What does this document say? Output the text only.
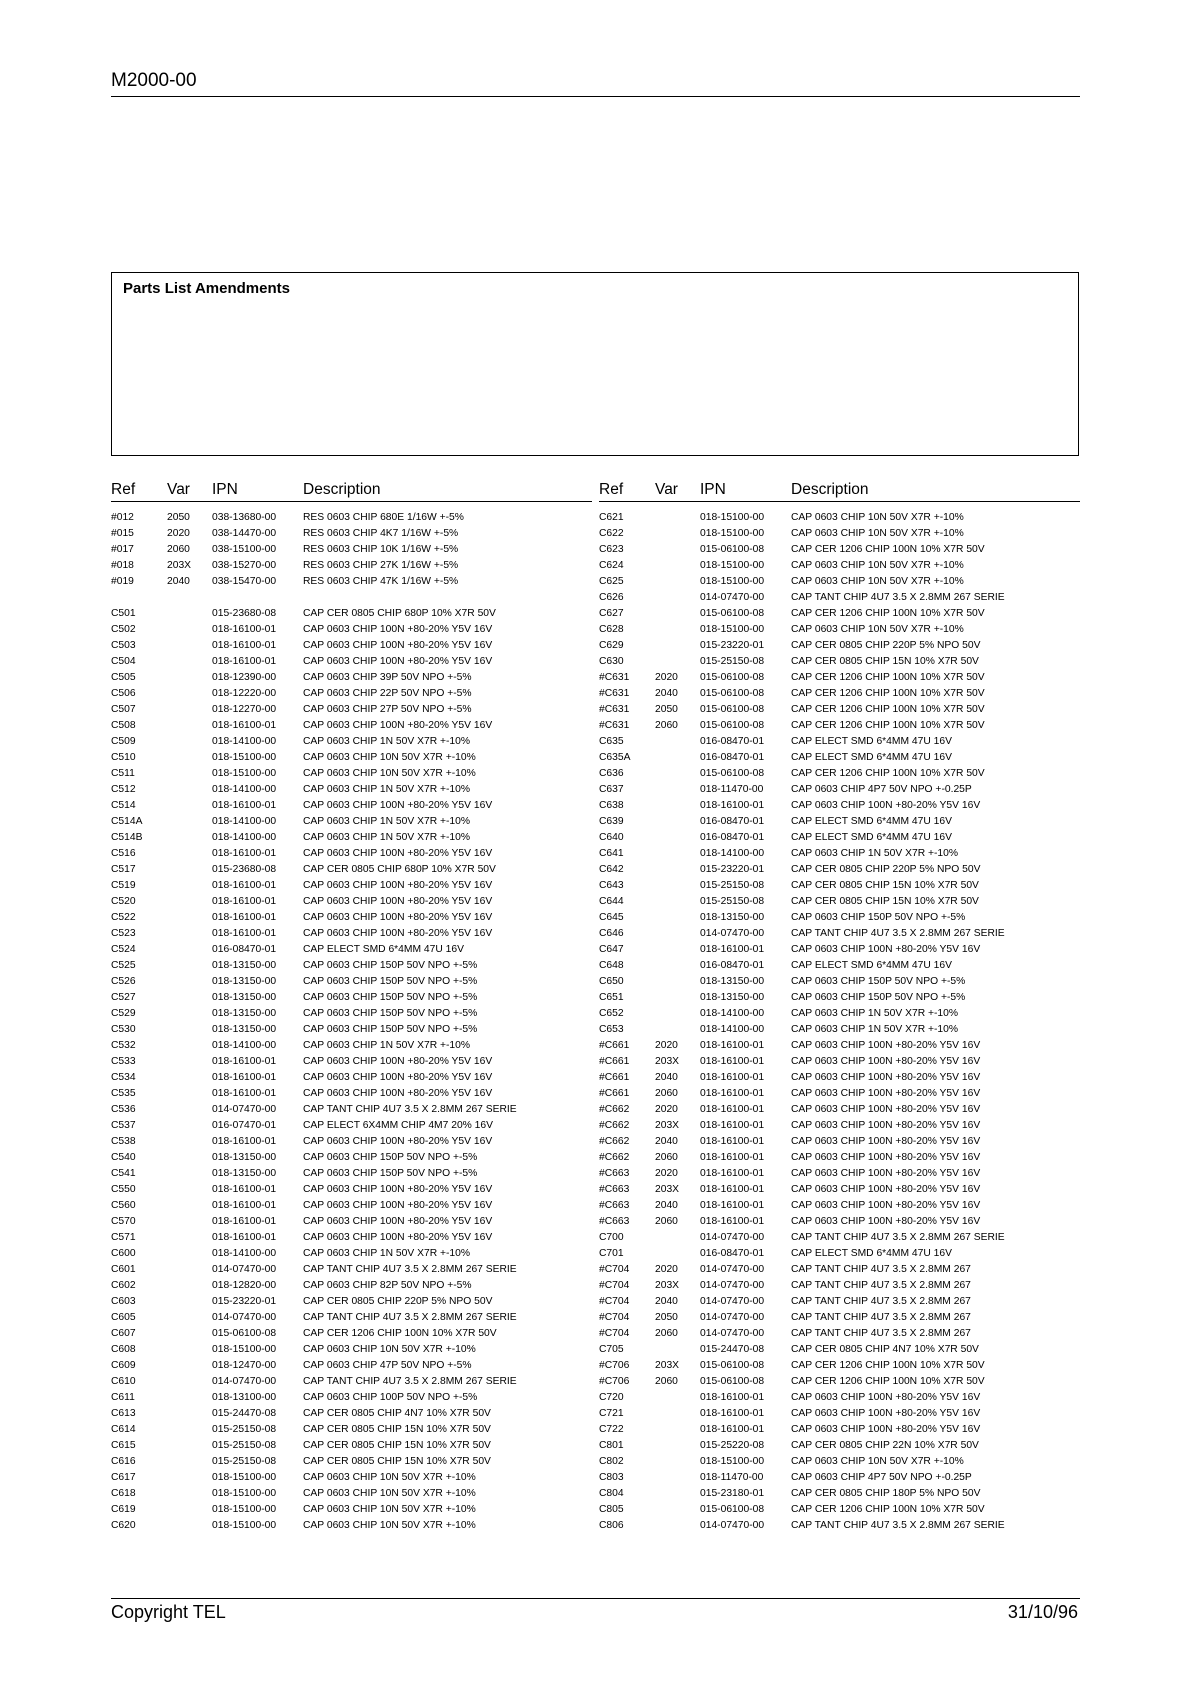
M2000-00
Parts List Amendments
Ref Var IPN	Description
#012	2050 038-13680-00	RES 0603 CHIP 680E 1/16W +-5%
#015	2020 038-14470-00	RES 0603 CHIP 4K7 1/16W +-5%
#017	2060 038-15100-00	RES 0603 CHIP 10K 1/16W +-5%
#018	203X 038-15270-00	RES 0603 CHIP 27K 1/16W +-5%
#019	2040 038-15470-00	RES 0603 CHIP 47K 1/16W +-5%
C501	015-23680-08	CAP CER 0805 CHIP 680P 10% X7R 50V
C502	018-16100-01	CAP 0603 CHIP 100N +80-20% Y5V 16V
C503	018-16100-01	CAP 0603 CHIP 100N +80-20% Y5V 16V
C504	018-16100-01	CAP 0603 CHIP 100N +80-20% Y5V 16V
C505	018-12390-00	CAP 0603 CHIP 39P 50V NPO +-5%
C506	018-12220-00	CAP 0603 CHIP 22P 50V NPO +-5%
C507	018-12270-00	CAP 0603 CHIP 27P 50V NPO +-5%
C508	018-16100-01	CAP 0603 CHIP 100N +80-20% Y5V 16V
C509	018-14100-00	CAP 0603 CHIP 1N 50V X7R +-10%
C510	018-15100-00	CAP 0603 CHIP 10N 50V X7R +-10%
C511	018-15100-00	CAP 0603 CHIP 10N 50V X7R +-10%
C512	018-14100-00	CAP 0603 CHIP 1N 50V X7R +-10%
C514	018-16100-01	CAP 0603 CHIP 100N +80-20% Y5V 16V
C514A	018-14100-00	CAP 0603 CHIP 1N 50V X7R +-10%
C514B	018-14100-00	CAP 0603 CHIP 1N 50V X7R +-10%
C516	018-16100-01	CAP 0603 CHIP 100N +80-20% Y5V 16V
C517	015-23680-08	CAP CER 0805 CHIP 680P 10% X7R 50V
C519	018-16100-01	CAP 0603 CHIP 100N +80-20% Y5V 16V
C520	018-16100-01	CAP 0603 CHIP 100N +80-20% Y5V 16V
C522	018-16100-01	CAP 0603 CHIP 100N +80-20% Y5V 16V
C523	018-16100-01	CAP 0603 CHIP 100N +80-20% Y5V 16V
C524	016-08470-01	CAP ELECT SMD 6*4MM 47U 16V
C525	018-13150-00	CAP 0603 CHIP 150P 50V NPO +-5%
C526	018-13150-00	CAP 0603 CHIP 150P 50V NPO +-5%
C527	018-13150-00	CAP 0603 CHIP 150P 50V NPO +-5%
C529	018-13150-00	CAP 0603 CHIP 150P 50V NPO +-5%
C530	018-13150-00	CAP 0603 CHIP 150P 50V NPO +-5%
C532	018-14100-00	CAP 0603 CHIP 1N 50V X7R +-10%
C533	018-16100-01	CAP 0603 CHIP 100N +80-20% Y5V 16V
C534	018-16100-01	CAP 0603 CHIP 100N +80-20% Y5V 16V
C535	018-16100-01	CAP 0603 CHIP 100N +80-20% Y5V 16V
C536	014-07470-00	CAP TANT CHIP 4U7 3.5 X 2.8MM 267 SERIE
C537	016-07470-01	CAP ELECT 6X4MM CHIP 4M7 20% 16V
C538	018-16100-01	CAP 0603 CHIP 100N +80-20% Y5V 16V
C540	018-13150-00	CAP 0603 CHIP 150P 50V NPO +-5%
C541	018-13150-00	CAP 0603 CHIP 150P 50V NPO +-5%
C550	018-16100-01	CAP 0603 CHIP 100N +80-20% Y5V 16V
C560	018-16100-01	CAP 0603 CHIP 100N +80-20% Y5V 16V
C570	018-16100-01	CAP 0603 CHIP 100N +80-20% Y5V 16V
C571	018-16100-01	CAP 0603 CHIP 100N +80-20% Y5V 16V
C600	018-14100-00	CAP 0603 CHIP 1N 50V X7R +-10%
C601	014-07470-00	CAP TANT CHIP 4U7 3.5 X 2.8MM 267 SERIE
C602	018-12820-00	CAP 0603 CHIP 82P 50V NPO +-5%
C603	015-23220-01	CAP CER 0805 CHIP 220P 5% NPO 50V
C605	014-07470-00	CAP TANT CHIP 4U7 3.5 X 2.8MM 267 SERIE
C607	015-06100-08	CAP CER 1206 CHIP 100N 10% X7R 50V
C608	018-15100-00	CAP 0603 CHIP 10N 50V X7R +-10%
C609	018-12470-00	CAP 0603 CHIP 47P 50V NPO +-5%
C610	014-07470-00	CAP TANT CHIP 4U7 3.5 X 2.8MM 267 SERIE
C611	018-13100-00	CAP 0603 CHIP 100P 50V NPO +-5%
C613	015-24470-08	CAP CER 0805 CHIP 4N7 10% X7R 50V
C614	015-25150-08	CAP CER 0805 CHIP 15N 10% X7R 50V
C615	015-25150-08	CAP CER 0805 CHIP 15N 10% X7R 50V
C616	015-25150-08	CAP CER 0805 CHIP 15N 10% X7R 50V
C617	018-15100-00	CAP 0603 CHIP 10N 50V X7R +-10%
C618	018-15100-00	CAP 0603 CHIP 10N 50V X7R +-10%
C619	018-15100-00	CAP 0603 CHIP 10N 50V X7R +-10%
C620	018-15100-00	CAP 0603 CHIP 10N 50V X7R +-10%
Ref Var IPN	Description
C621	018-15100-00	CAP 0603 CHIP 10N 50V X7R +-10%
C622	018-15100-00	CAP 0603 CHIP 10N 50V X7R +-10%
C623	015-06100-08	CAP CER 1206 CHIP 100N 10% X7R 50V
C624	018-15100-00	CAP 0603 CHIP 10N 50V X7R +-10%
C625	018-15100-00	CAP 0603 CHIP 10N 50V X7R +-10%
C626	014-07470-00	CAP TANT CHIP 4U7 3.5 X 2.8MM 267 SERIE
C627	015-06100-08	CAP CER 1206 CHIP 100N 10% X7R 50V
C628	018-15100-00	CAP 0603 CHIP 10N 50V X7R +-10%
C629	015-23220-01	CAP CER 0805 CHIP 220P 5% NPO 50V
C630	015-25150-08	CAP CER 0805 CHIP 15N 10% X7R 50V
#C631 2020 015-06100-08	CAP CER 1206 CHIP 100N 10% X7R 50V
#C631 2040 015-06100-08	CAP CER 1206 CHIP 100N 10% X7R 50V
#C631 2050 015-06100-08	CAP CER 1206 CHIP 100N 10% X7R 50V
#C631 2060 015-06100-08	CAP CER 1206 CHIP 100N 10% X7R 50V
C635	016-08470-01	CAP ELECT SMD 6*4MM 47U 16V
C635A	016-08470-01	CAP ELECT SMD 6*4MM 47U 16V
C636	015-06100-08	CAP CER 1206 CHIP 100N 10% X7R 50V
C637	018-11470-00	CAP 0603 CHIP 4P7 50V NPO +-0.25P
C638	018-16100-01	CAP 0603 CHIP 100N +80-20% Y5V 16V
C639	016-08470-01	CAP ELECT SMD 6*4MM 47U 16V
C640	016-08470-01	CAP ELECT SMD 6*4MM 47U 16V
C641	018-14100-00	CAP 0603 CHIP 1N 50V X7R +-10%
C642	015-23220-01	CAP CER 0805 CHIP 220P 5% NPO 50V
C643	015-25150-08	CAP CER 0805 CHIP 15N 10% X7R 50V
C644	015-25150-08	CAP CER 0805 CHIP 15N 10% X7R 50V
C645	018-13150-00	CAP 0603 CHIP 150P 50V NPO +-5%
C646	014-07470-00	CAP TANT CHIP 4U7 3.5 X 2.8MM 267 SERIE
C647	018-16100-01	CAP 0603 CHIP 100N +80-20% Y5V 16V
C648	016-08470-01	CAP ELECT SMD 6*4MM 47U 16V
C650	018-13150-00	CAP 0603 CHIP 150P 50V NPO +-5%
C651	018-13150-00	CAP 0603 CHIP 150P 50V NPO +-5%
C652	018-14100-00	CAP 0603 CHIP 1N 50V X7R +-10%
C653	018-14100-00	CAP 0603 CHIP 1N 50V X7R +-10%
#C661 2020 018-16100-01	CAP 0603 CHIP 100N +80-20% Y5V 16V
#C661 203X 018-16100-01	CAP 0603 CHIP 100N +80-20% Y5V 16V
#C661 2040 018-16100-01	CAP 0603 CHIP 100N +80-20% Y5V 16V
#C661 2060 018-16100-01	CAP 0603 CHIP 100N +80-20% Y5V 16V
#C662 2020 018-16100-01	CAP 0603 CHIP 100N +80-20% Y5V 16V
#C662 203X 018-16100-01	CAP 0603 CHIP 100N +80-20% Y5V 16V
#C662 2040 018-16100-01	CAP 0603 CHIP 100N +80-20% Y5V 16V
#C662 2060 018-16100-01	CAP 0603 CHIP 100N +80-20% Y5V 16V
#C663 2020 018-16100-01	CAP 0603 CHIP 100N +80-20% Y5V 16V
#C663 203X 018-16100-01	CAP 0603 CHIP 100N +80-20% Y5V 16V
#C663 2040 018-16100-01	CAP 0603 CHIP 100N +80-20% Y5V 16V
#C663 2060 018-16100-01	CAP 0603 CHIP 100N +80-20% Y5V 16V
C700	014-07470-00	CAP TANT CHIP 4U7 3.5 X 2.8MM 267 SERIE
C701	016-08470-01	CAP ELECT SMD 6*4MM 47U 16V
#C704 2020 014-07470-00	CAP TANT CHIP 4U7 3.5 X 2.8MM 267
#C704 203X 014-07470-00	CAP TANT CHIP 4U7 3.5 X 2.8MM 267
#C704 2040 014-07470-00	CAP TANT CHIP 4U7 3.5 X 2.8MM 267
#C704 2050 014-07470-00	CAP TANT CHIP 4U7 3.5 X 2.8MM 267
#C704 2060 014-07470-00	CAP TANT CHIP 4U7 3.5 X 2.8MM 267
C705	015-24470-08	CAP CER 0805 CHIP 4N7 10% X7R 50V
#C706 203X 015-06100-08	CAP CER 1206 CHIP 100N 10% X7R 50V
#C706 2060 015-06100-08	CAP CER 1206 CHIP 100N 10% X7R 50V
C720	018-16100-01	CAP 0603 CHIP 100N +80-20% Y5V 16V
C721	018-16100-01	CAP 0603 CHIP 100N +80-20% Y5V 16V
C722	018-16100-01	CAP 0603 CHIP 100N +80-20% Y5V 16V
C801	015-25220-08	CAP CER 0805 CHIP 22N 10% X7R 50V
C802	018-15100-00	CAP 0603 CHIP 10N 50V X7R +-10%
C803	018-11470-00	CAP 0603 CHIP 4P7 50V NPO +-0.25P
C804	015-23180-01	CAP CER 0805 CHIP 180P 5% NPO 50V
C805	015-06100-08	CAP CER 1206 CHIP 100N 10% X7R 50V
C806	014-07470-00	CAP TANT CHIP 4U7 3.5 X 2.8MM 267 SERIE
Copyright TEL	31/10/96
